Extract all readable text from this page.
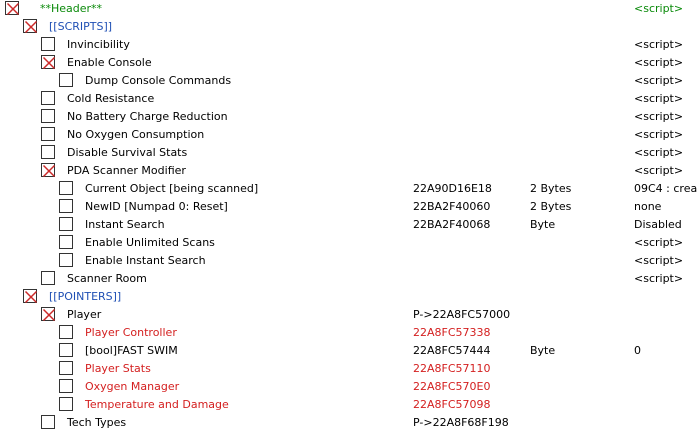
**Header**	<script>
[[SCRIPTS]]
Invincibility	<script>
Enable Console	<script>
Dump Console Commands	<script>
Cold Resistance	<script>
No Battery Charge Reduction	<script>
No Oxygen Consumption	<script>
Disable Survival Stats	<script>
PDA Scanner Modifier	<script>
Current Object [being scanned]	22A90D16E18	2 Bytes	09C4 : crea
NewID [Numpad 0: Reset]	22BA2F40060	2 Bytes	none
Instant Search	22BA2F40068	Byte	Disabled
Enable Unlimited Scans	<script>
Enable Instant Search	<script>
Scanner Room	<script>
[[POINTERS]]
Player	P->22A8FC57000
Player Controller	22A8FC57338
[bool]FAST SWIM	22A8FC57444	Byte	0
Player Stats	22A8FC57110
Oxygen Manager	22A8FC570E0
Temperature and Damage	22A8FC57098
Tech Types	P->22A8F68F198
